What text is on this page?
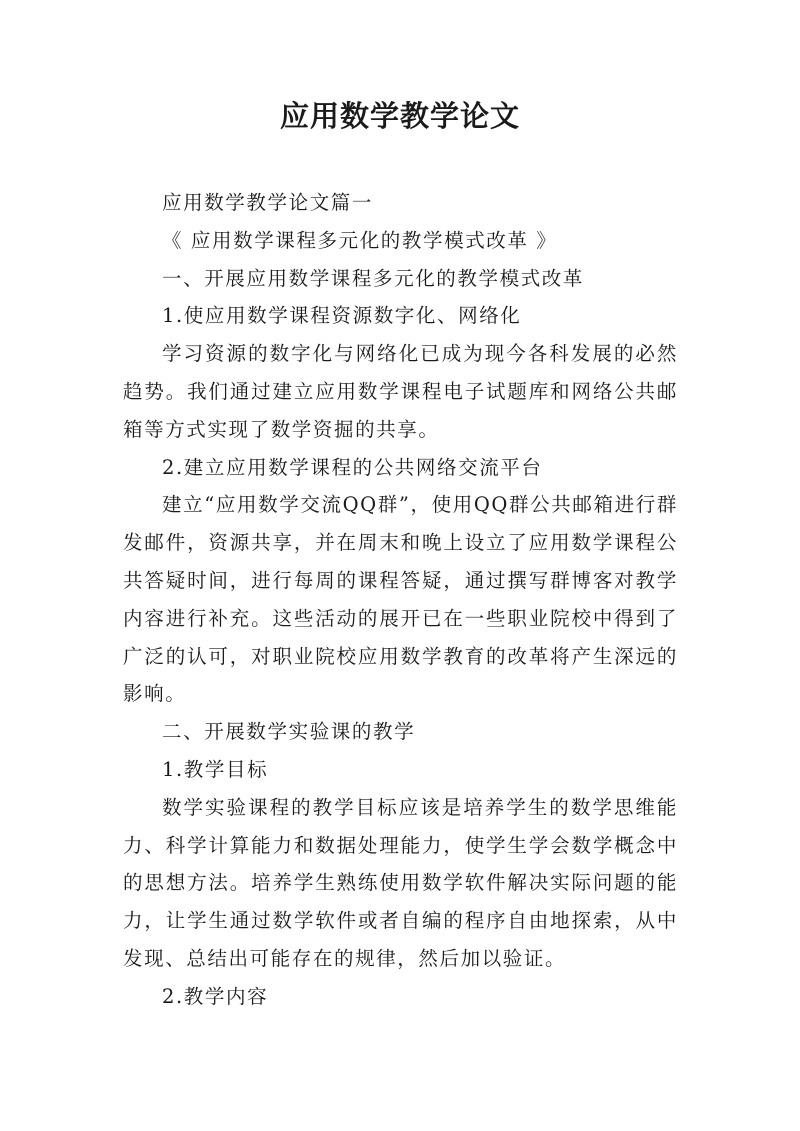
应用数学教学论文

应用数学教学论文篇一

《 应用数学课程多元化的教学模式改革 》

一、开展应用数学课程多元化的教学模式改革

1.使应用数学课程资源数字化、网络化

学习资源的数字化与网络化已成为现今各科发展的必然趋势。我们通过建立应用数学课程电子试题库和网络公共邮箱等方式实现了数学资掘的共享。

2.建立应用数学课程的公共网络交流平台

建立“应用数学交流QQ群”，使用QQ群公共邮箱进行群发邮件，资源共享，并在周末和晚上设立了应用数学课程公共答疑时间，进行每周的课程答疑，通过撰写群博客对教学内容进行补充。这些活动的展开已在一些职业院校中得到了广泛的认可，对职业院校应用数学教育的改革将产生深远的影响。

二、开展数学实验课的教学

1.教学目标

数学实验课程的教学目标应该是培养学生的数学思维能力、科学计算能力和数据处理能力，使学生学会数学概念中的思想方法。培养学生熟练使用数学软件解决实际问题的能力，让学生通过数学软件或者自编的程序自由地探索，从中发现、总结出可能存在的规律，然后加以验证。

2.教学内容
